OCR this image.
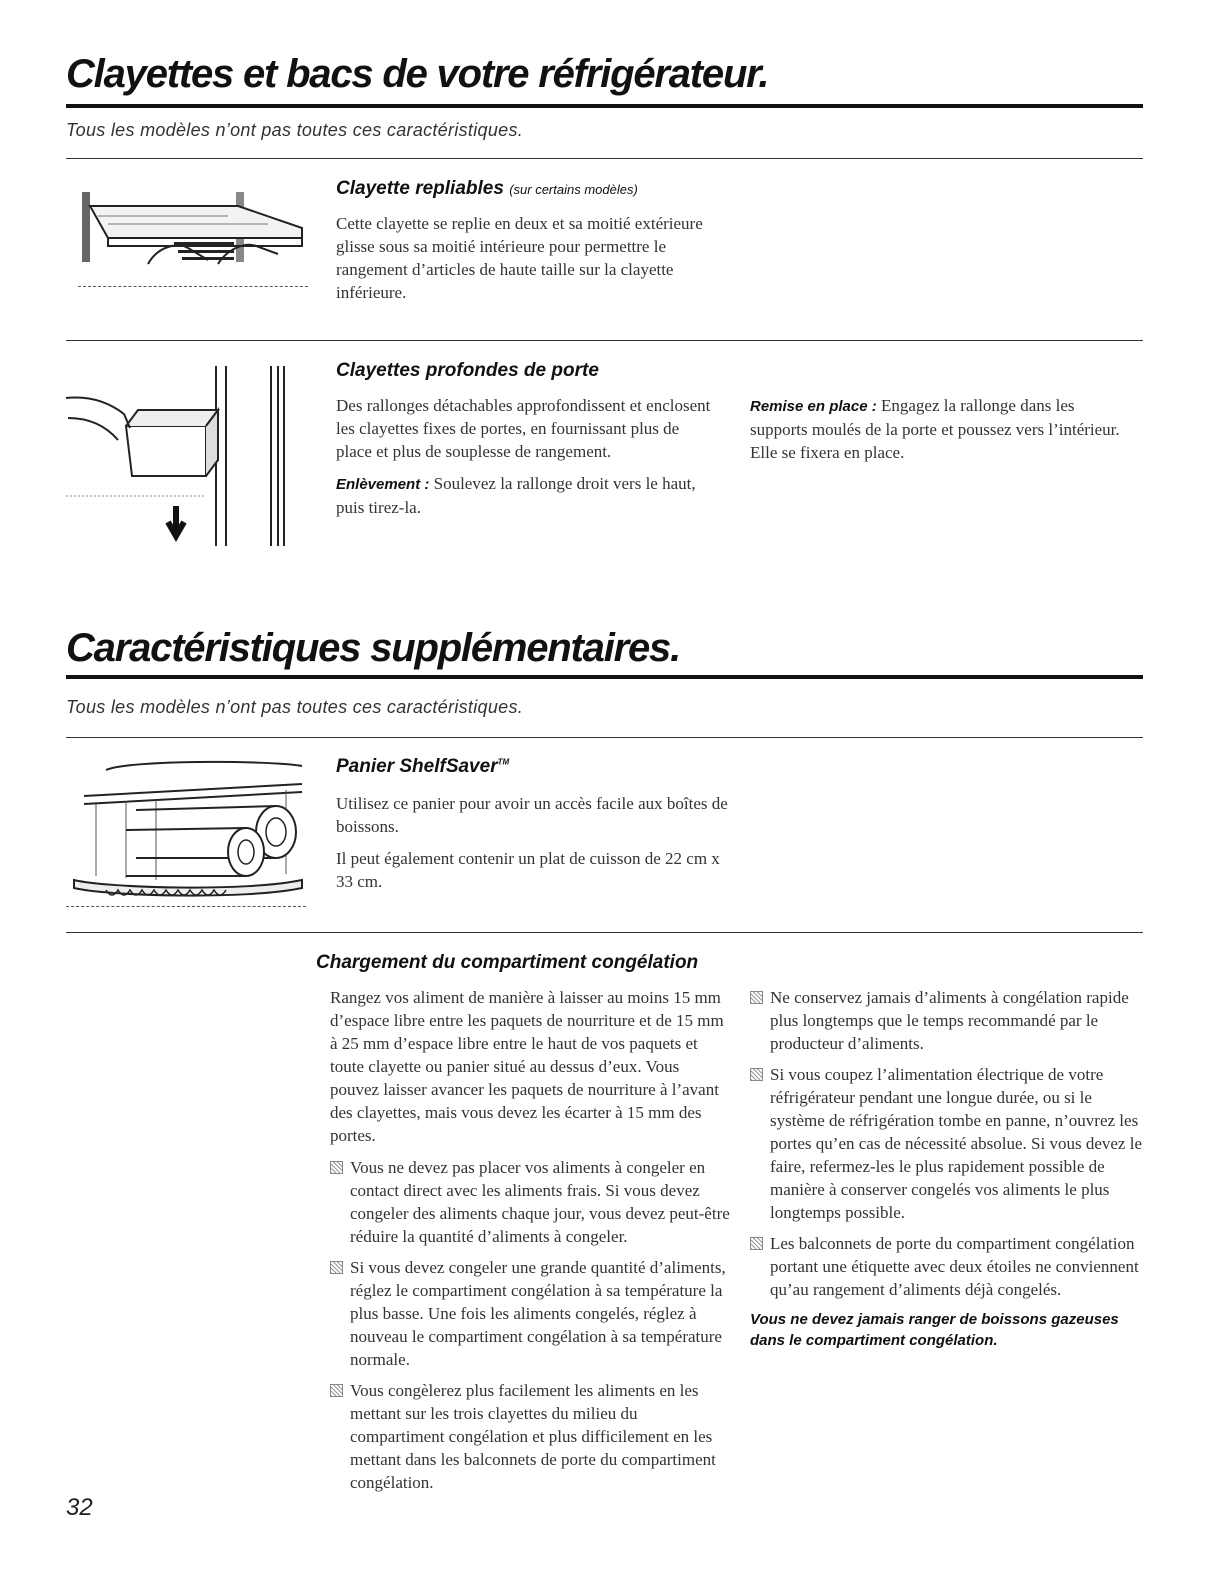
Clayettes et bacs de votre réfrigérateur.
Tous les modèles n’ont pas toutes ces caractéristiques.
Clayette repliables (sur certains modèles)
Cette clayette se replie en deux et sa moitié extérieure glisse sous sa moitié intérieure pour permettre le rangement d’articles de haute taille sur la clayette inférieure.
Clayettes profondes de porte

Des rallonges détachables approfondissent et enclosent les clayettes fixes de portes, en fournissant plus de place et plus de souplesse de rangement.

Enlèvement : Soulevez la rallonge droit vers le haut, puis tirez-la.

Remise en place : Engagez la rallonge dans les supports moulés de la porte et poussez vers l’intérieur. Elle se fixera en place.

Caractéristiques supplémentaires.
Tous les modèles n’ont pas toutes ces caractéristiques.
Panier ShelfSaver™

Utilisez ce panier pour avoir un accès facile aux boîtes de boissons.

Il peut également contenir un plat de cuisson de 22 cm x 33 cm.

Chargement du compartiment congélation

Rangez vos aliment de manière à laisser au moins 15 mm d’espace libre entre les paquets de nourriture et de 15 mm à 25 mm d’espace libre entre le haut de vos paquets et toute clayette ou panier situé au dessus d’eux. Vous pouvez laisser avancer les paquets de nourriture à l’avant des clayettes, mais vous devez les écarter à 15 mm des portes.

Vous ne devez pas placer vos aliments à congeler en contact direct avec les aliments frais. Si vous devez congeler des aliments chaque jour, vous devez peut-être réduire la quantité d’aliments à congeler.
Si vous devez congeler une grande quantité d’aliments, réglez le compartiment congélation à sa température la plus basse. Une fois les aliments congelés, réglez à nouveau le compartiment congélation à sa température normale.
Vous congèlerez plus facilement les aliments en les mettant sur les trois clayettes du milieu du compartiment congélation et plus difficilement en les mettant dans les balconnets de porte du compartiment congélation.
Ne conservez jamais d’aliments à congélation rapide plus longtemps que le temps recommandé par le producteur d’aliments.
Si vous coupez l’alimentation électrique de votre réfrigérateur pendant une longue durée, ou si le système de réfrigération tombe en panne, n’ouvrez les portes qu’en cas de nécessité absolue. Si vous devez le faire, refermez-les le plus rapidement possible de manière à conserver congelés vos aliments le plus longtemps possible.
Les balconnets de porte du compartiment congélation portant une étiquette avec deux étoiles ne conviennent qu’au rangement d’aliments déjà congelés.
Vous ne devez jamais ranger de boissons gazeuses dans le compartiment congélation.
32
